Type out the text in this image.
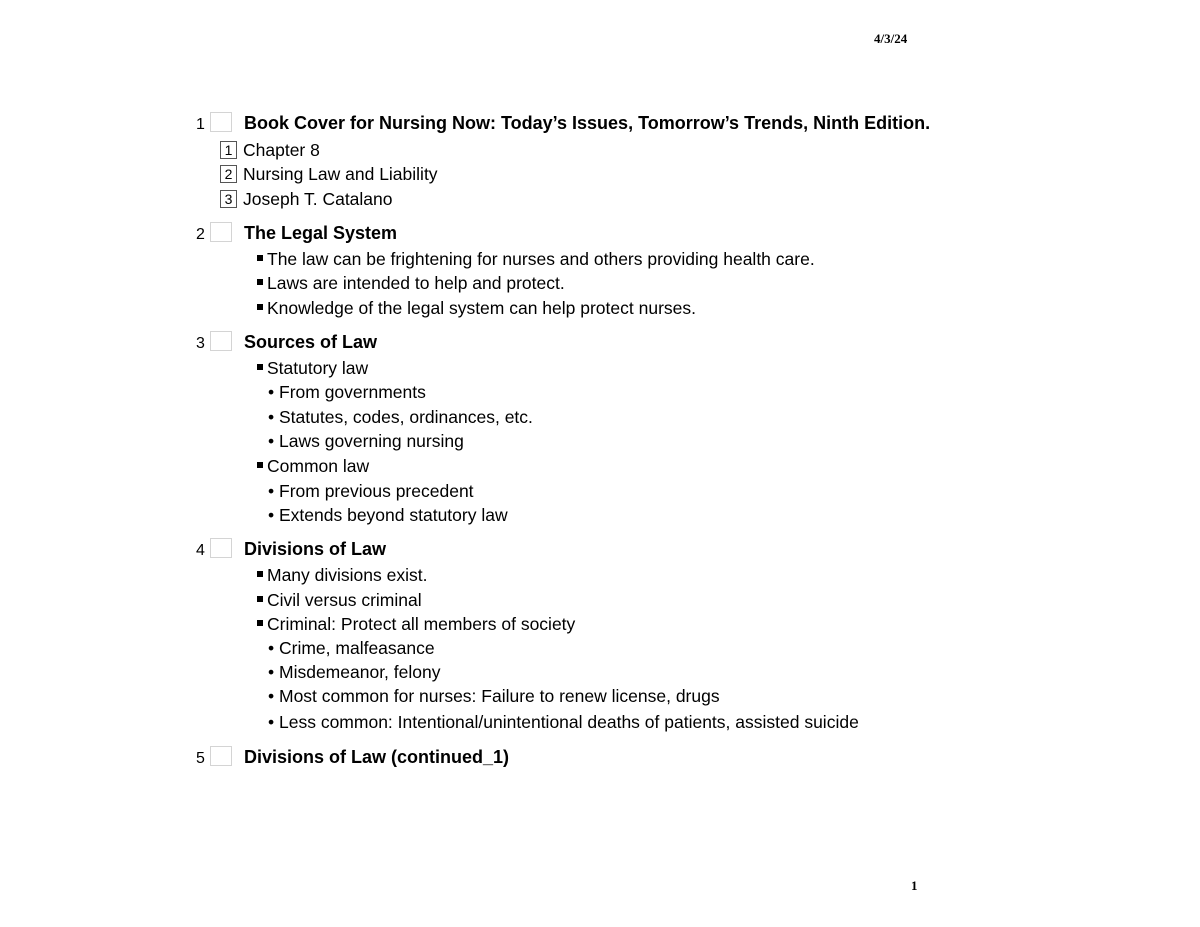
4/3/24
1 Book Cover for Nursing Now: Today’s Issues, Tomorrow’s Trends, Ninth Edition.
1 Chapter 8
2 Nursing Law and Liability
3 Joseph T. Catalano
2 The Legal System
The law can be frightening for nurses and others providing health care.
Laws are intended to help and protect.
Knowledge of the legal system can help protect nurses.
3 Sources of Law
Statutory law
• From governments
• Statutes, codes, ordinances, etc.
• Laws governing nursing
Common law
• From previous precedent
• Extends beyond statutory law
4 Divisions of Law
Many divisions exist.
Civil versus criminal
Criminal: Protect all members of society
• Crime, malfeasance
• Misdemeanor, felony
• Most common for nurses: Failure to renew license, drugs
• Less common: Intentional/unintentional deaths of patients, assisted suicide
5 Divisions of Law (continued_1)
1
